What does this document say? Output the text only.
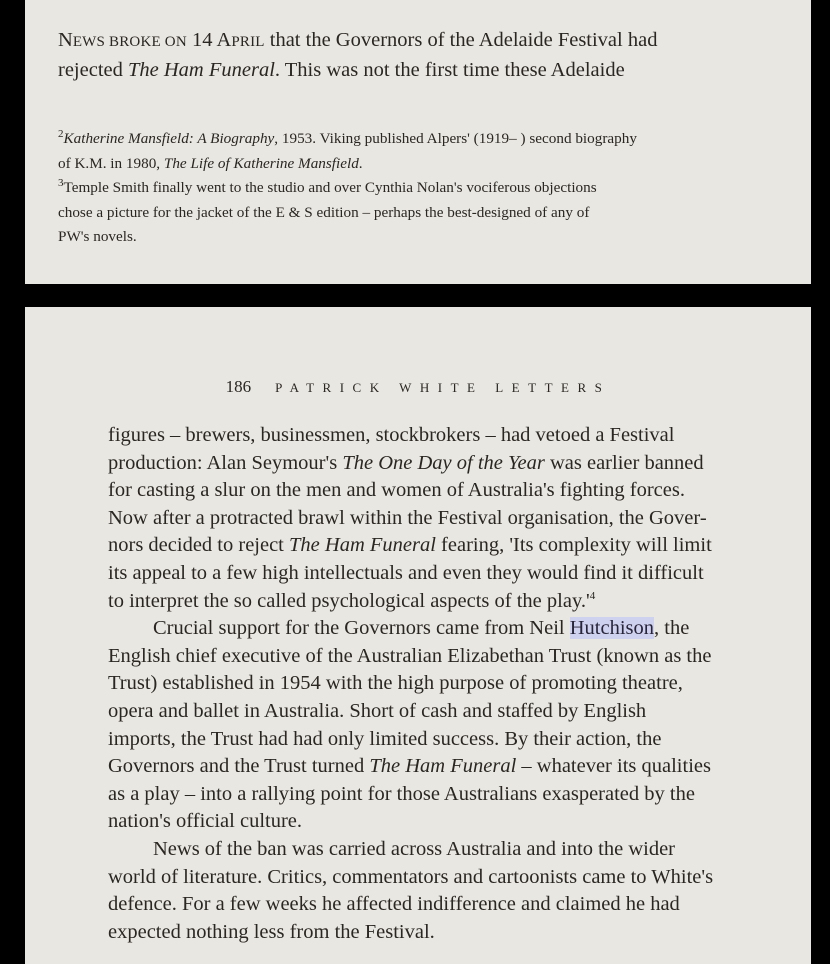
NEWS BROKE ON 14 APRIL that the Governors of the Adelaide Festival had
rejected The Ham Funeral. This was not the first time these Adelaide

$^2$Katherine Mansfield: A Biography, 1953. Viking published Alpers' (1919– ) second biography
of K.M. in 1980, The Life of Katherine Mansfield.

$^3$Temple Smith finally went to the studio and over Cynthia Nolan's vociferous objections
chose a picture for the jacket of the E & S edition – perhaps the best-designed of any of
PW's novels.

186 PATRICK WHITE LETTERS

figures – brewers, businessmen, stockbrokers – had vetoed a Festival
production: Alan Seymour's The One Day of the Year was earlier banned
for casting a slur on the men and women of Australia's fighting forces.
Now after a protracted brawl within the Festival organisation, the Gover-
nors decided to reject The Ham Funeral fearing, 'Its complexity will limit
its appeal to a few high intellectuals and even they would find it difficult
to interpret the so called psychological aspects of the $play.'^4$

Crucial support for the Governors came from Neil Hutchison, the
English chief executive of the Australian Elizabethan Trust (known as the
Trust) established in 1954 with the high purpose of promoting theatre,
opera and ballet in Australia. Short of cash and staffed by English
imports, the Trust had had only limited success. By their action, the
Governors and the Trust turned The Ham Funeral – whatever its qualities
as a play – into a rallying point for those Australians exasperated by the
nation's official culture.

News of the ban was carried across Australia and into the wider
world of literature. Critics, commentators and cartoonists came to White's
defence. For a few weeks he affected indifference and claimed he had
expected nothing less from the Festival.
